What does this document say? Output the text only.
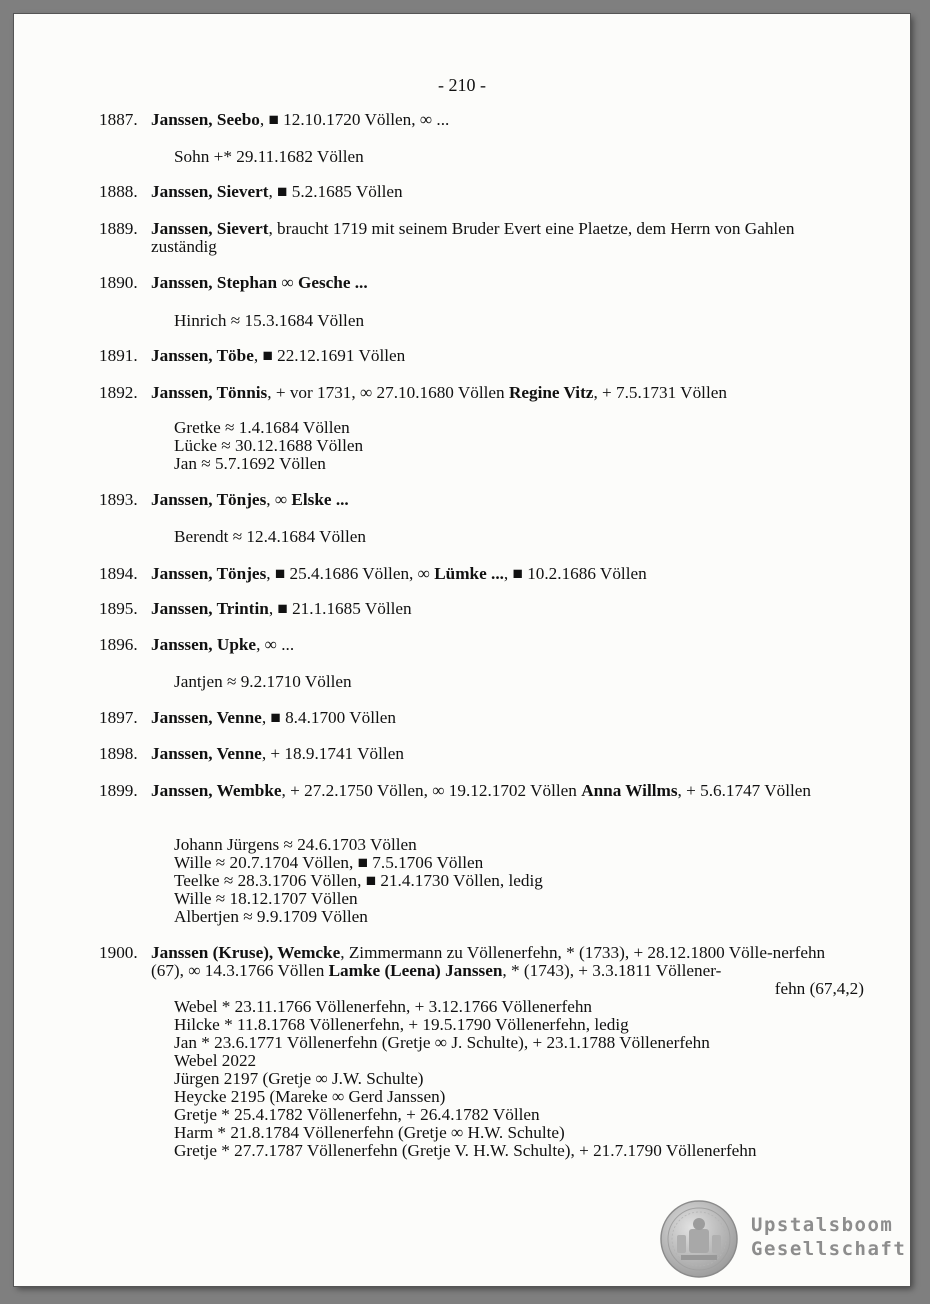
- 210 -
1887. Janssen, Seebo, ■ 12.10.1720 Völlen, ∞ ...
Sohn +* 29.11.1682 Völlen
1888. Janssen, Sievert, ■ 5.2.1685 Völlen
1889. Janssen, Sievert, braucht 1719 mit seinem Bruder Evert eine Plaetze, dem Herrn von Gahlen zuständig
1890. Janssen, Stephan ∞ Gesche ...
Hinrich ≈ 15.3.1684 Völlen
1891. Janssen, Töbe, ■ 22.12.1691 Völlen
1892. Janssen, Tönnis, + vor 1731, ∞ 27.10.1680 Völlen Regine Vitz, + 7.5.1731 Völlen
Gretke ≈ 1.4.1684 Völlen
Lücke ≈ 30.12.1688 Völlen
Jan ≈ 5.7.1692 Völlen
1893. Janssen, Tönjes, ∞ Elske ...
Berendt ≈ 12.4.1684 Völlen
1894. Janssen, Tönjes, ■ 25.4.1686 Völlen, ∞ Lümke ..., ■ 10.2.1686 Völlen
1895. Janssen, Trintin, ■ 21.1.1685 Völlen
1896. Janssen, Upke, ∞ ...
Jantjen ≈ 9.2.1710 Völlen
1897. Janssen, Venne, ■ 8.4.1700 Völlen
1898. Janssen, Venne, + 18.9.1741 Völlen
1899. Janssen, Wembke, + 27.2.1750 Völlen, ∞ 19.12.1702 Völlen Anna Willms, + 5.6.1747 Völlen
Johann Jürgens ≈ 24.6.1703 Völlen
Wille ≈ 20.7.1704 Völlen, ■ 7.5.1706 Völlen
Teelke ≈ 28.3.1706 Völlen, ■ 21.4.1730 Völlen, ledig
Wille ≈ 18.12.1707 Völlen
Albertjen ≈ 9.9.1709 Völlen
1900. Janssen (Kruse), Wemcke, Zimmermann zu Völlenerfehn, * (1733), + 28.12.1800 Völle-nerfehn (67), ∞ 14.3.1766 Völlen Lamke (Leena) Janssen, * (1743), + 3.3.1811 Völlener-
fehn (67,4,2)
Webel * 23.11.1766 Völlenerfehn, + 3.12.1766 Völlenerfehn
Hilcke * 11.8.1768 Völlenerfehn, + 19.5.1790 Völlenerfehn, ledig
Jan * 23.6.1771 Völlenerfehn (Gretje ∞ J. Schulte), + 23.1.1788 Völlenerfehn
Webel 2022
Jürgen 2197 (Gretje ∞ J.W. Schulte)
Heycke 2195 (Mareke ∞ Gerd Janssen)
Gretje * 25.4.1782 Völlenerfehn, + 26.4.1782 Völlen
Harm * 21.8.1784 Völlenerfehn (Gretje ∞ H.W. Schulte)
Gretje * 27.7.1787 Völlenerfehn (Gretje V. H.W. Schulte), + 21.7.1790 Völlenerfehn
Upstalsboom
Gesellschaft
